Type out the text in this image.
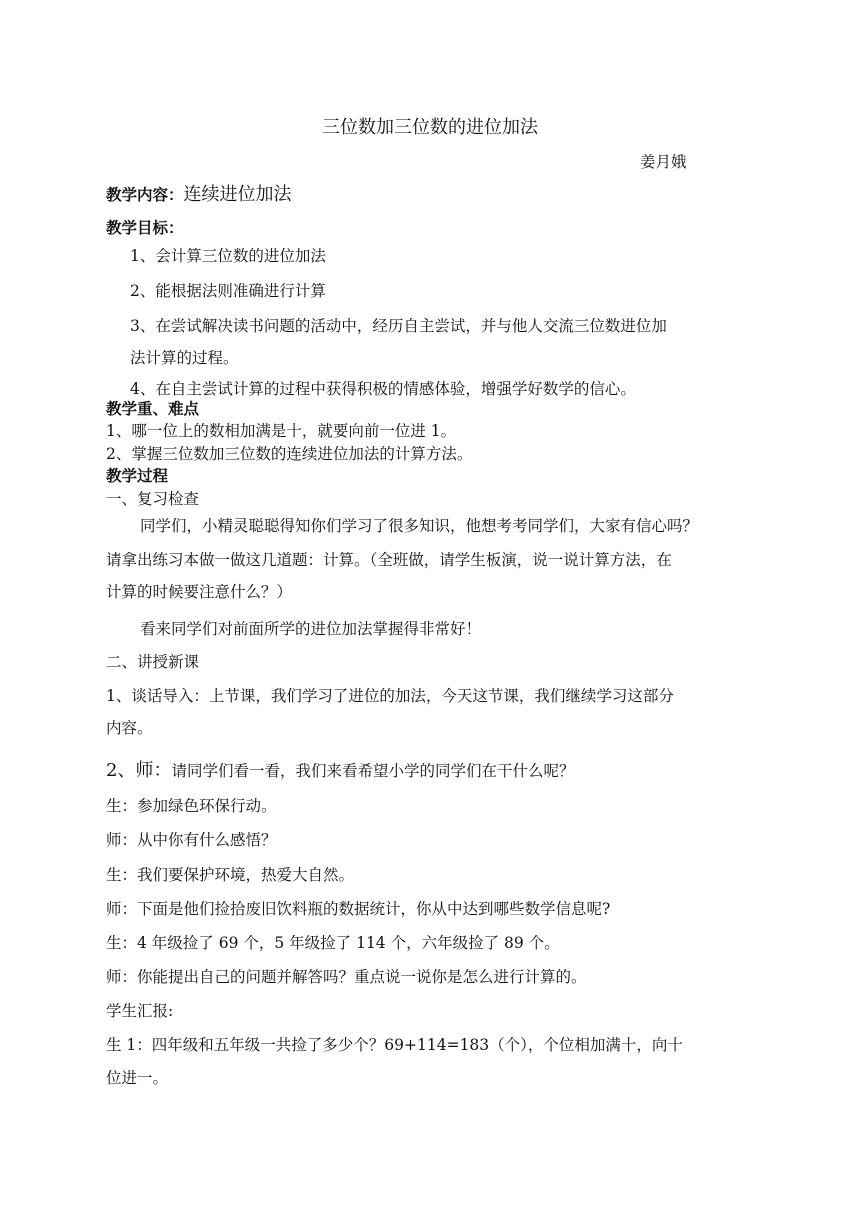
三位数加三位数的进位加法
姜月娥
教学内容：连续进位加法
教学目标：
1、会计算三位数的进位加法
2、能根据法则准确进行计算
3、在尝试解决读书问题的活动中，经历自主尝试，并与他人交流三位数进位加
法计算的过程。
4、在自主尝试计算的过程中获得积极的情感体验，增强学好数学的信心。
教学重、难点
1、哪一位上的数相加满是十，就要向前一位进 1。
2、掌握三位数加三位数的连续进位加法的计算方法。
教学过程
一、复习检查
同学们，小精灵聪聪得知你们学习了很多知识，他想考考同学们，大家有信心吗？
请拿出练习本做一做这几道题：计算。（全班做，请学生板演，说一说计算方法，在
计算的时候要注意什么？）
看来同学们对前面所学的进位加法掌握得非常好！
二、讲授新课
1、谈话导入：上节课，我们学习了进位的加法，今天这节课，我们继续学习这部分
内容。
2、师：请同学们看一看，我们来看希望小学的同学们在干什么呢？
生：参加绿色环保行动。
师：从中你有什么感悟？
生：我们要保护环境，热爱大自然。
师：下面是他们捡拾废旧饮料瓶的数据统计，你从中达到哪些数学信息呢?
生：4 年级捡了 69 个，5 年级捡了 114 个，六年级捡了 89 个。
师：你能提出自己的问题并解答吗？重点说一说你是怎么进行计算的。
学生汇报:
生 1：四年级和五年级一共捡了多少个？69+114=183（个），个位相加满十，向十
位进一。
